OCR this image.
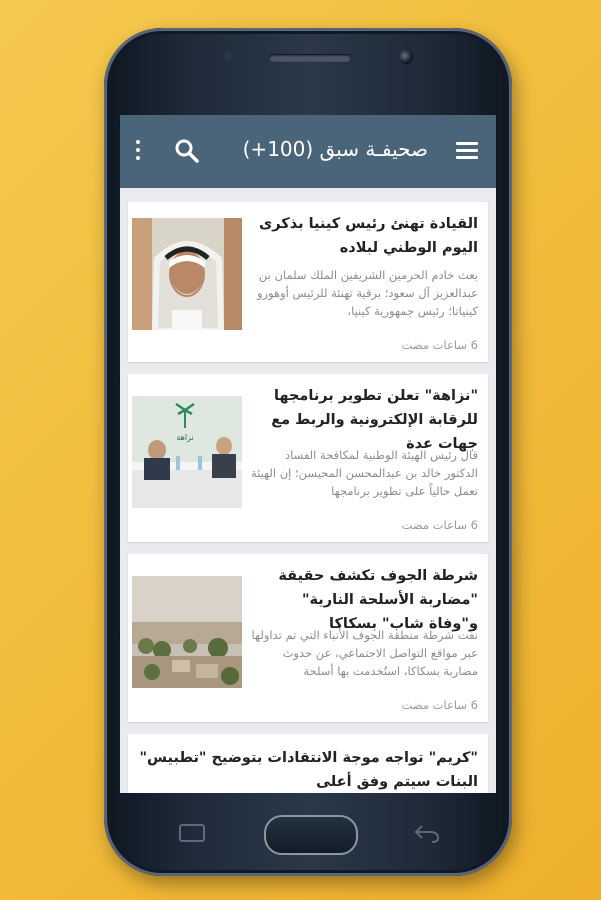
صحيفـة سبق (100+)
القيادة تهنئ رئيس كينيا بذكرى اليوم الوطني لبلاده
بعث خادم الحرمين الشريفين الملك سلمان بن عبدالعزيز آل سعود؛ برقية تهنئة للرئيس أوهورو كينياتا؛ رئيس جمهورية كينيا،
6 ساعات مضت
نزاهة
"نزاهة" تعلن تطوير برنامجها للرقابة الإلكترونية والربط مع جهات عدة
قال رئيس الهيئة الوطنية لمكافحة الفساد الدكتور خالد بن عبدالمحسن المحيسن؛ إن الهيئة تعمل حالياً على تطوير برنامجها
6 ساعات مضت
شرطة الجوف تكشف حقيقة "مضاربة الأسلحة النارية" و"وفاة شاب" بسكاكا
نفت شرطة منطقة الجوف الأنباء التي تم تداولها عبر مواقع التواصل الاجتماعي، عن حدوث مضاربة بسكاكا، استُخدمت بها أسلحة
6 ساعات مضت
"كريم" تواجه موجة الانتقادات بتوضيح "تطبيس" البنات سيتم وفق أعلى
